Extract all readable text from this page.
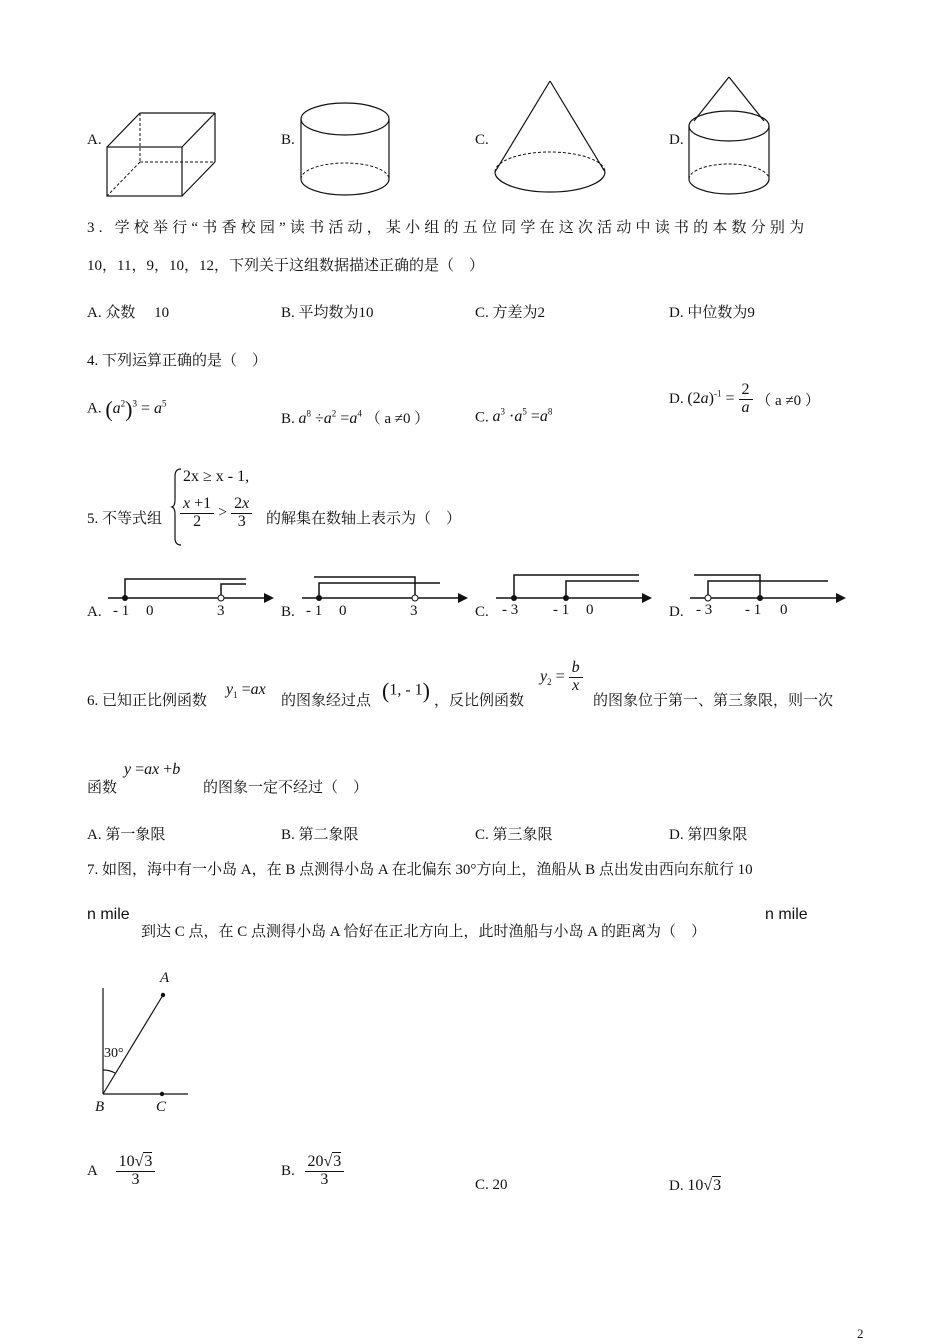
A.	B.	C.	D.
3. 学校举行“书香校园”读书活动，某小组的五位同学在这次活动中读书的本数分别为
10，11，9，10，12，下列关于这组数据描述正确的是（　）
A. 众数　 10	B. 平均数为10	C. 方差为2	D. 中位数为9
4. 下列运算正确的是（　）
A. $(a^2)^3 = a^5$
B. $a^8 \div a^2 =a^4$ （ a ≠0 ）	C. $a^3 \cdot a^5 =a^8$
D. $(2a)^{-1} = \frac{2}{a}$ （ a ≠0 ）
5. 不等式组
2x ≥ x - 1,
$\frac{x +1}{2} > \frac{2x}{3}$ 的解集在数轴上表示为（　）
A. - 1 0	3	B. - 1 0	3	C. - 3 - 1 0	D. - 3 - 1 0
6. 已知正比例函数
$y_1 =ax$
的图象经过点 (1, - 1) ，反比例函数
$y_2 = \frac{b}{x}$
的图象位于第一、第三象限，则一次
函数
y =ax +b
的图象一定不经过（　）
A. 第一象限	B. 第二象限	C. 第三象限	D. 第四象限
7. 如图，海中有一小岛 A，在 B 点测得小岛 A 在北偏东 30°方向上，渔船从 B 点出发由西向东航行 10
n mile
到达 C 点，在 C 点测得小岛 A 恰好在正北方向上，此时渔船与小岛 A 的距离为（　）
n mile
A
30°
B	C
A $\frac{10√3}{3}$	B. $\frac{20√3}{3}$	C. 20	D. 10√3
2
